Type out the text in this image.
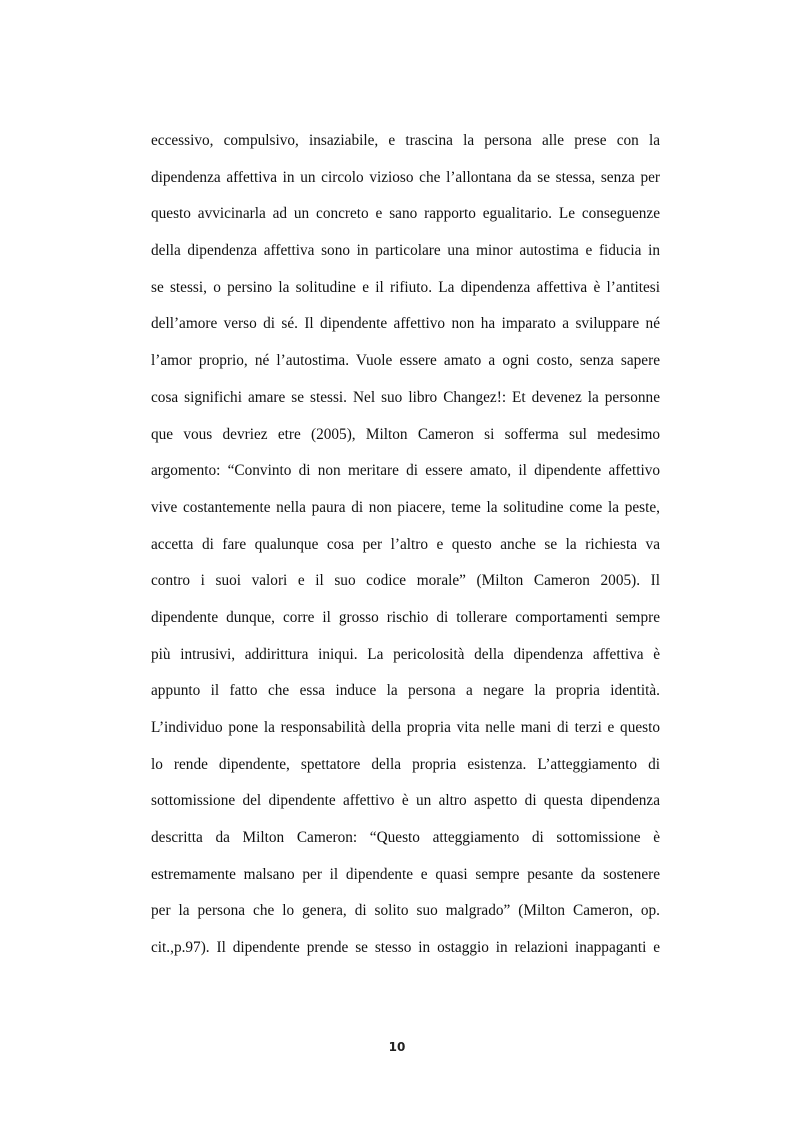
eccessivo, compulsivo, insaziabile, e trascina la persona alle prese con la
dipendenza affettiva in un circolo vizioso che l’allontana da se stessa, senza per
questo avvicinarla ad un concreto e sano rapporto egualitario. Le conseguenze
della dipendenza affettiva sono in particolare una minor autostima e fiducia in
se stessi, o persino la solitudine e il rifiuto. La dipendenza affettiva è l’antitesi
dell’amore verso di sé. Il dipendente affettivo non ha imparato a sviluppare né
l’amor proprio, né l’autostima. Vuole essere amato a ogni costo, senza sapere
cosa significhi amare se stessi. Nel suo libro Changez!: Et devenez la personne
que vous devriez etre (2005), Milton Cameron si sofferma sul medesimo
argomento: “Convinto di non meritare di essere amato, il dipendente affettivo
vive costantemente nella paura di non piacere, teme la solitudine come la peste,
accetta di fare qualunque cosa per l’altro e questo anche se la richiesta va
contro i suoi valori e il suo codice morale” (Milton Cameron 2005). Il
dipendente dunque, corre il grosso rischio di tollerare comportamenti sempre
più intrusivi, addirittura iniqui. La pericolosità della dipendenza affettiva è
appunto il fatto che essa induce la persona a negare la propria identità.
L’individuo pone la responsabilità della propria vita nelle mani di terzi e questo
lo rende dipendente, spettatore della propria esistenza. L’atteggiamento di
sottomissione del dipendente affettivo è un altro aspetto di questa dipendenza
descritta da Milton Cameron: “Questo atteggiamento di sottomissione è
estremamente malsano per il dipendente e quasi sempre pesante da sostenere
per la persona che lo genera, di solito suo malgrado” (Milton Cameron, op.
cit.,p.97). Il dipendente prende se stesso in ostaggio in relazioni inappaganti e
10
